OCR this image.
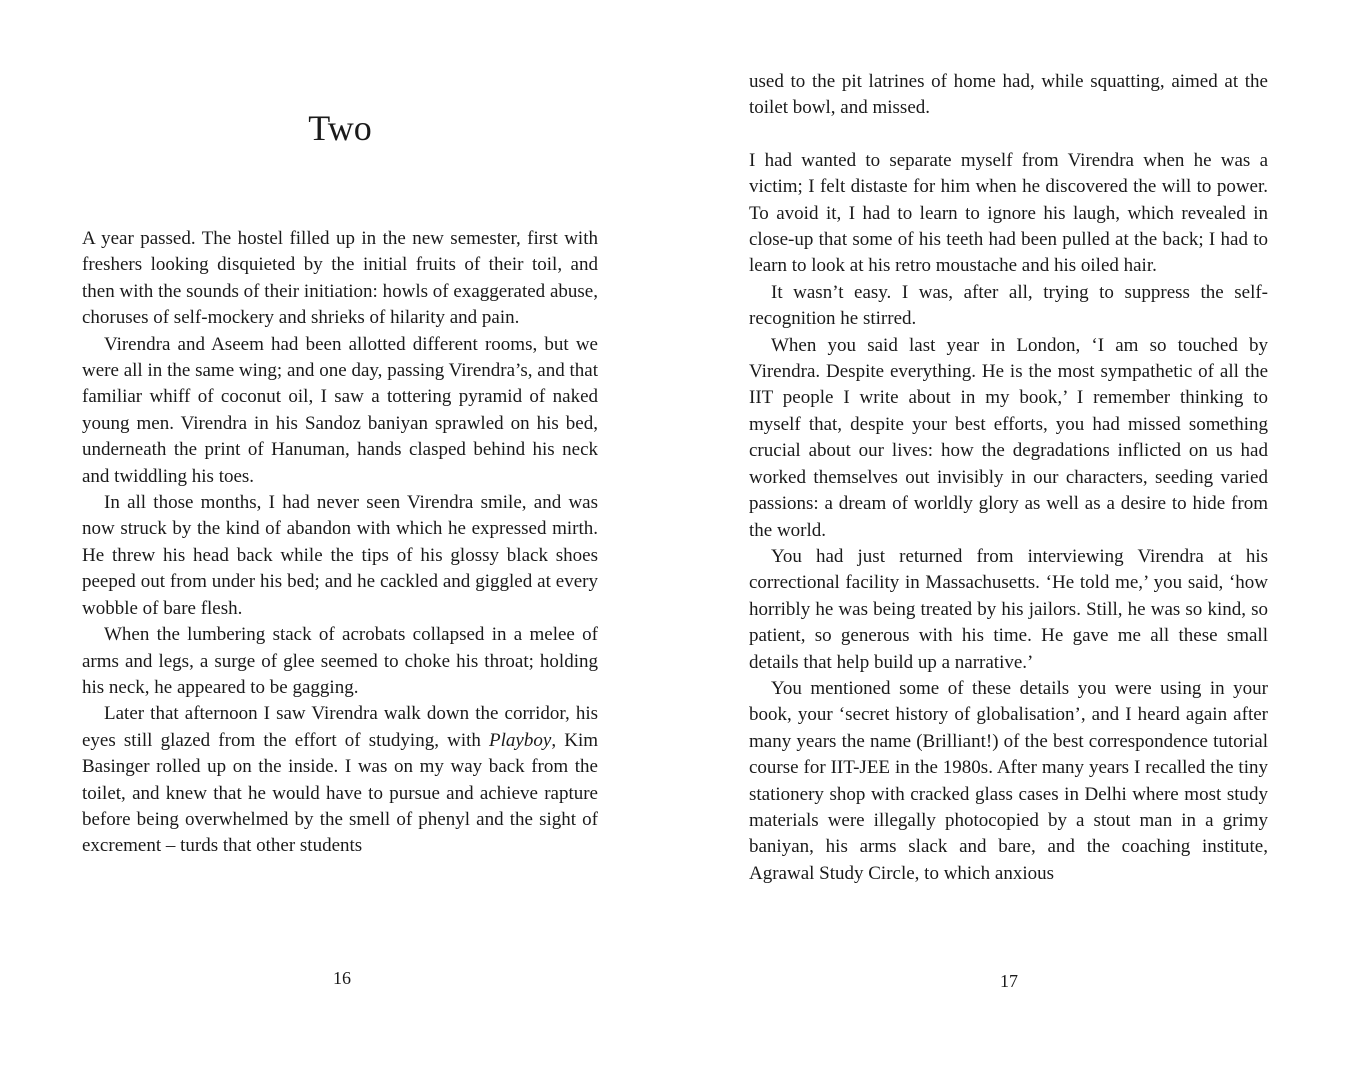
Two

A year passed. The hostel filled up in the new semester, first with freshers looking disquieted by the initial fruits of their toil, and then with the sounds of their initiation: howls of exaggerated abuse, choruses of self-mockery and shrieks of hilarity and pain.

Virendra and Aseem had been allotted different rooms, but we were all in the same wing; and one day, passing Virendra’s, and that familiar whiff of coconut oil, I saw a tottering pyramid of naked young men. Virendra in his Sandoz baniyan sprawled on his bed, underneath the print of Hanuman, hands clasped behind his neck and twiddling his toes.

In all those months, I had never seen Virendra smile, and was now struck by the kind of abandon with which he expressed mirth. He threw his head back while the tips of his glossy black shoes peeped out from under his bed; and he cackled and giggled at every wobble of bare flesh.

When the lumbering stack of acrobats collapsed in a melee of arms and legs, a surge of glee seemed to choke his throat; holding his neck, he appeared to be gagging.

Later that afternoon I saw Virendra walk down the corridor, his eyes still glazed from the effort of studying, with Playboy, Kim Basinger rolled up on the inside. I was on my way back from the toilet, and knew that he would have to pursue and achieve rapture before being overwhelmed by the smell of phenyl and the sight of excrement – turds that other students

16

used to the pit latrines of home had, while squatting, aimed at the toilet bowl, and missed.

I had wanted to separate myself from Virendra when he was a victim; I felt distaste for him when he discovered the will to power. To avoid it, I had to learn to ignore his laugh, which revealed in close-up that some of his teeth had been pulled at the back; I had to learn to look at his retro moustache and his oiled hair.

It wasn’t easy. I was, after all, trying to suppress the self-recognition he stirred.

When you said last year in London, ‘I am so touched by Virendra. Despite everything. He is the most sympathetic of all the IIT people I write about in my book,’ I remember thinking to myself that, despite your best efforts, you had missed something crucial about our lives: how the degradations inflicted on us had worked themselves out invisibly in our characters, seeding varied passions: a dream of worldly glory as well as a desire to hide from the world.

You had just returned from interviewing Virendra at his correctional facility in Massachusetts. ‘He told me,’ you said, ‘how horribly he was being treated by his jailors. Still, he was so kind, so patient, so generous with his time. He gave me all these small details that help build up a narrative.’

You mentioned some of these details you were using in your book, your ‘secret history of globalisation’, and I heard again after many years the name (Brilliant!) of the best correspondence tutorial course for IIT-JEE in the 1980s. After many years I recalled the tiny stationery shop with cracked glass cases in Delhi where most study materials were illegally photocopied by a stout man in a grimy baniyan, his arms slack and bare, and the coaching institute, Agrawal Study Circle, to which anxious

17
